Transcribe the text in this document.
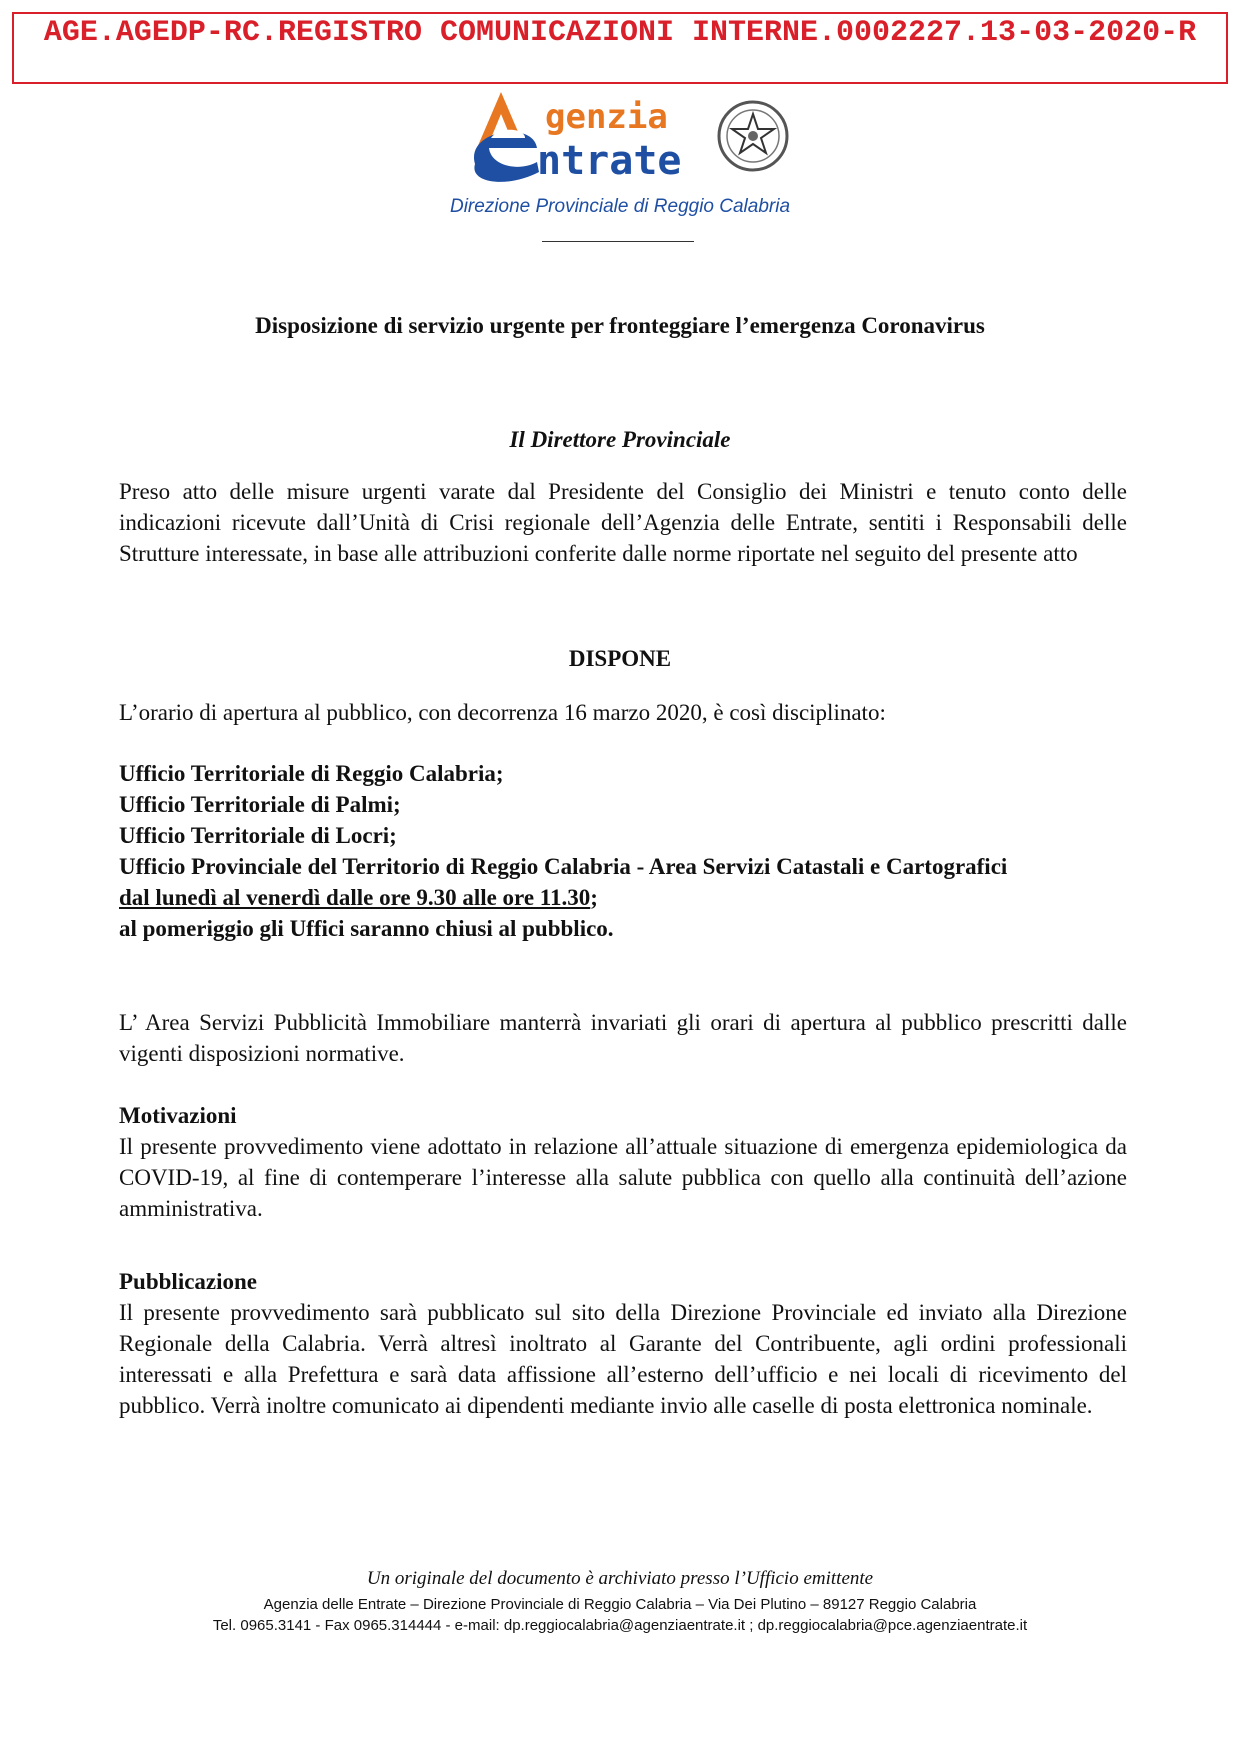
AGE.AGEDP-RC.REGISTRO COMUNICAZIONI INTERNE.0002227.13-03-2020-R
genzia
ntrate
Direzione Provinciale di Reggio Calabria
Disposizione di servizio urgente per fronteggiare l’emergenza Coronavirus
Il Direttore Provinciale
Preso atto delle misure urgenti varate dal Presidente del Consiglio dei Ministri e tenuto conto delle indicazioni ricevute dall’Unità di Crisi regionale dell’Agenzia delle Entrate, sentiti i Responsabili delle Strutture interessate, in base alle attribuzioni conferite dalle norme riportate nel seguito del presente atto
DISPONE
L’orario di apertura al pubblico, con decorrenza 16 marzo 2020, è così disciplinato:
Ufficio Territoriale di Reggio Calabria;
Ufficio Territoriale di Palmi;
Ufficio Territoriale di Locri;
Ufficio Provinciale del Territorio di Reggio Calabria - Area Servizi Catastali e Cartografici
dal lunedì al venerdì dalle ore 9.30 alle ore 11.30;
al pomeriggio gli Uffici saranno chiusi al pubblico.
L’ Area Servizi Pubblicità Immobiliare manterrà invariati gli orari di apertura al pubblico prescritti dalle vigenti disposizioni normative.
Motivazioni
Il presente provvedimento viene adottato in relazione all’attuale situazione di emergenza epidemiologica da COVID-19, al fine di contemperare l’interesse alla salute pubblica con quello alla continuità dell’azione amministrativa.
Pubblicazione
Il presente provvedimento sarà pubblicato sul sito della Direzione Provinciale ed inviato alla Direzione Regionale della Calabria. Verrà altresì inoltrato al Garante del Contribuente, agli ordini professionali interessati e alla Prefettura e sarà data affissione all’esterno dell’ufficio e nei locali di ricevimento del pubblico. Verrà inoltre comunicato ai dipendenti mediante invio alle caselle di posta elettronica nominale.
Un originale del documento è archiviato presso l’Ufficio emittente
Agenzia delle Entrate – Direzione Provinciale di Reggio Calabria – Via Dei Plutino – 89127 Reggio Calabria
Tel. 0965.3141 - Fax 0965.314444 - e-mail: dp.reggiocalabria@agenziaentrate.it ; dp.reggiocalabria@pce.agenziaentrate.it
